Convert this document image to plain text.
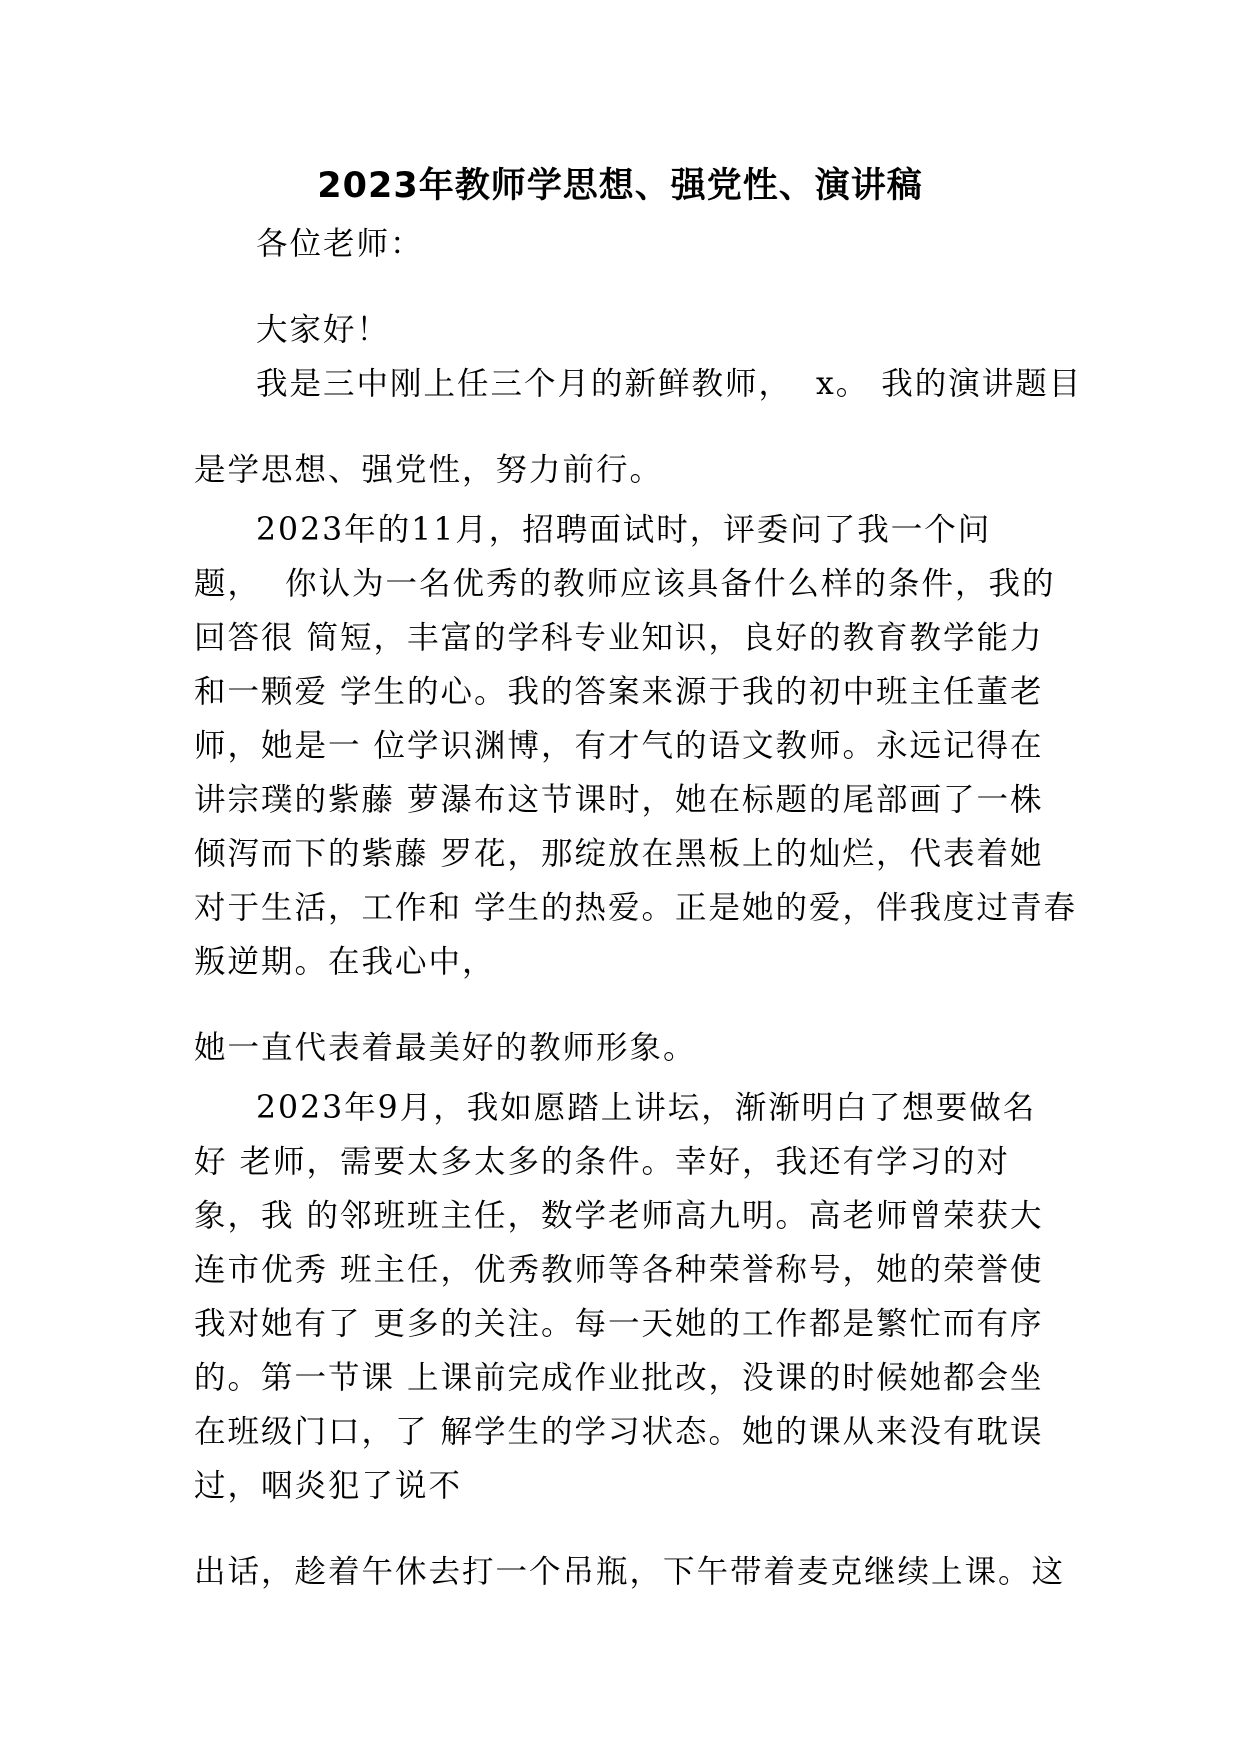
2023年教师学思想、强党性、演讲稿
各位老师：
大家好！
我是三中刚上任三个月的新鲜教师，  x。 我的演讲题目
是学思想、强党性，努力前行。
2023年的11月，招聘面试时，评委问了我一个问
题，  你认为一名优秀的教师应该具备什么样的条件，我的
回答很 简短，丰富的学科专业知识，良好的教育教学能力
和一颗爱 学生的心。我的答案来源于我的初中班主任董老
师，她是一 位学识渊博，有才气的语文教师。永远记得在
讲宗璞的紫藤 萝瀑布这节课时，她在标题的尾部画了一株
倾泻而下的紫藤 罗花，那绽放在黑板上的灿烂，代表着她
对于生活，工作和 学生的热爱。正是她的爱，伴我度过青春
叛逆期。在我心中，
她一直代表着最美好的教师形象。
2023年9月，我如愿踏上讲坛，渐渐明白了想要做名
好 老师，需要太多太多的条件。幸好，我还有学习的对
象，我 的邻班班主任，数学老师高九明。高老师曾荣获大
连市优秀 班主任，优秀教师等各种荣誉称号，她的荣誉使
我对她有了 更多的关注。每一天她的工作都是繁忙而有序
的。第一节课 上课前完成作业批改，没课的时候她都会坐
在班级门口，了 解学生的学习状态。她的课从来没有耽误
过，咽炎犯了说不
出话，趁着午休去打一个吊瓶，下午带着麦克继续上课。这
